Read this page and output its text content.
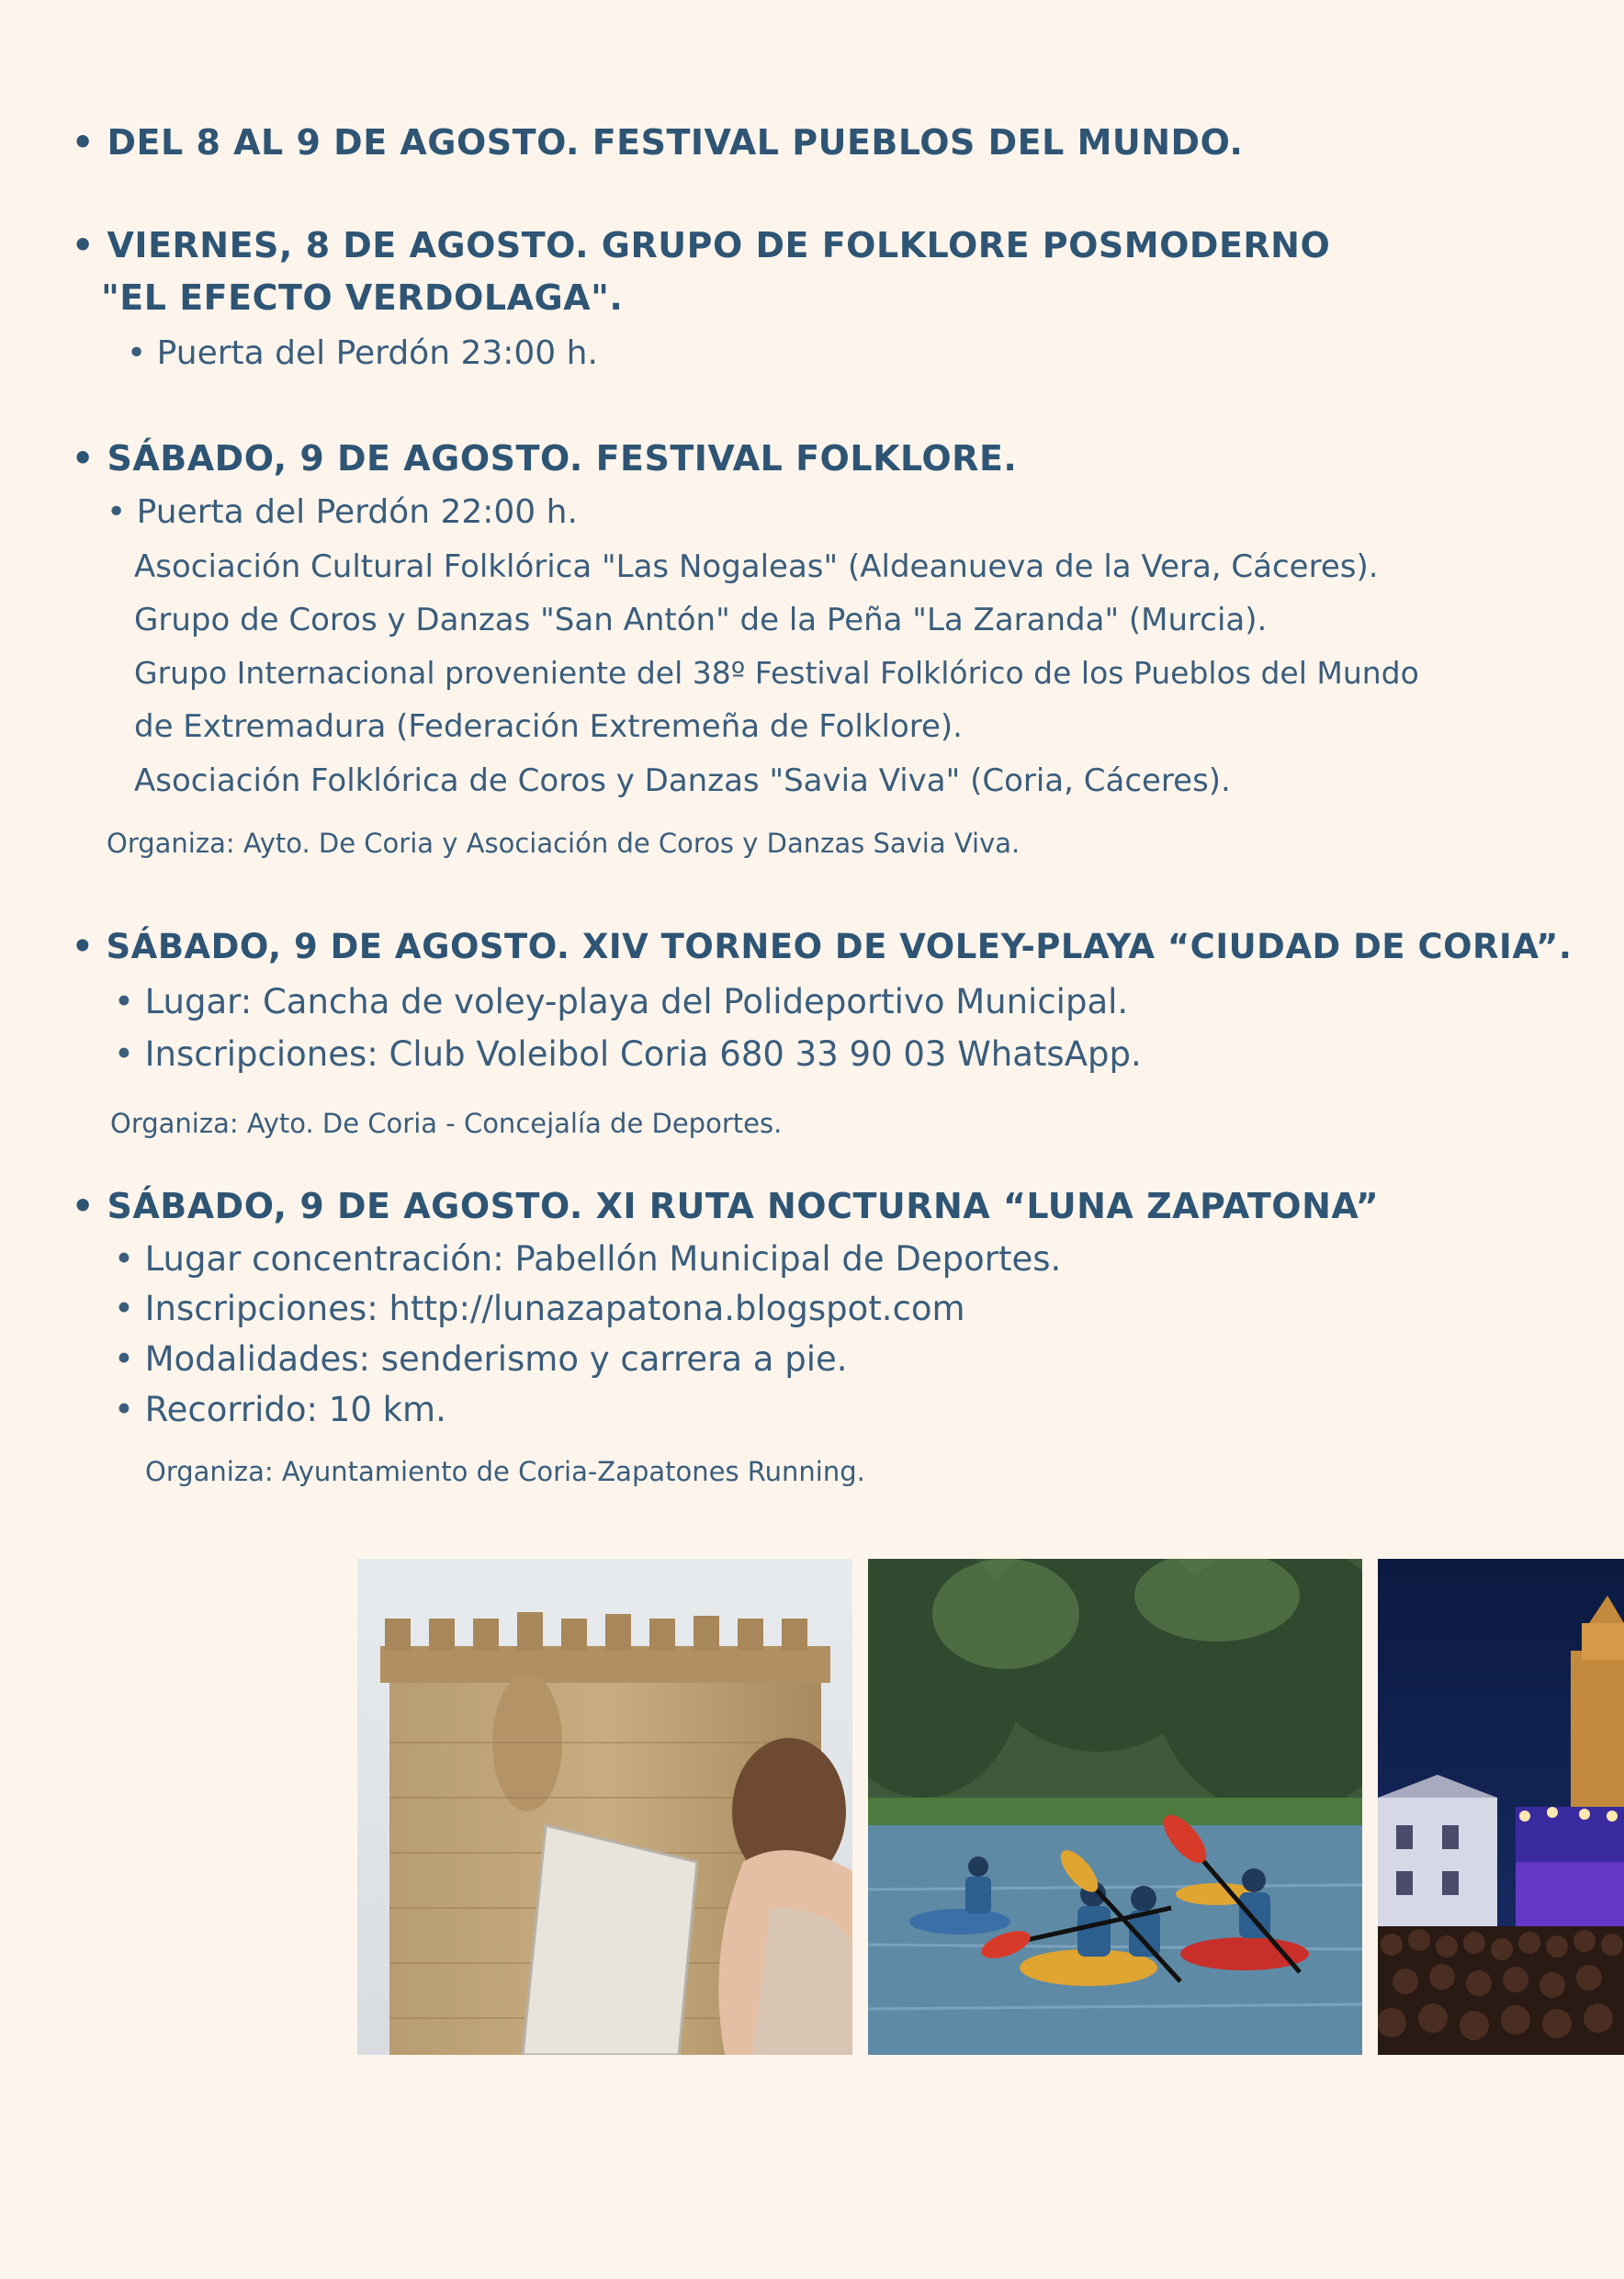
• DEL 8 AL 9 DE AGOSTO. FESTIVAL PUEBLOS DEL MUNDO.
• VIERNES, 8 DE AGOSTO. GRUPO DE FOLKLORE POSMODERNO
"EL EFECTO VERDOLAGA".
• Puerta del Perdón 23:00 h.
• SÁBADO, 9 DE AGOSTO. FESTIVAL FOLKLORE.
• Puerta del Perdón 22:00 h.
Asociación Cultural Folklórica "Las Nogaleas" (Aldeanueva de la Vera, Cáceres).
Grupo de Coros y Danzas "San Antón" de la Peña "La Zaranda" (Murcia).
Grupo Internacional proveniente del 38º Festival Folklórico de los Pueblos del Mundo
de Extremadura (Federación Extremeña de Folklore).
Asociación Folklórica de Coros y Danzas "Savia Viva" (Coria, Cáceres).
Organiza: Ayto. De Coria y Asociación de Coros y Danzas Savia Viva.
• SÁBADO, 9 DE AGOSTO. XIV TORNEO DE VOLEY-PLAYA “CIUDAD DE CORIA”.
• Lugar: Cancha de voley-playa del Polideportivo Municipal.
• Inscripciones: Club Voleibol Coria 680 33 90 03 WhatsApp.
Organiza: Ayto. De Coria - Concejalía de Deportes.
• SÁBADO, 9 DE AGOSTO. XI RUTA NOCTURNA “LUNA ZAPATONA”
• Lugar concentración: Pabellón Municipal de Deportes.
• Inscripciones: http://lunazapatona.blogspot.com
• Modalidades: senderismo y carrera a pie.
• Recorrido: 10 km.
Organiza: Ayuntamiento de Coria-Zapatones Running.
